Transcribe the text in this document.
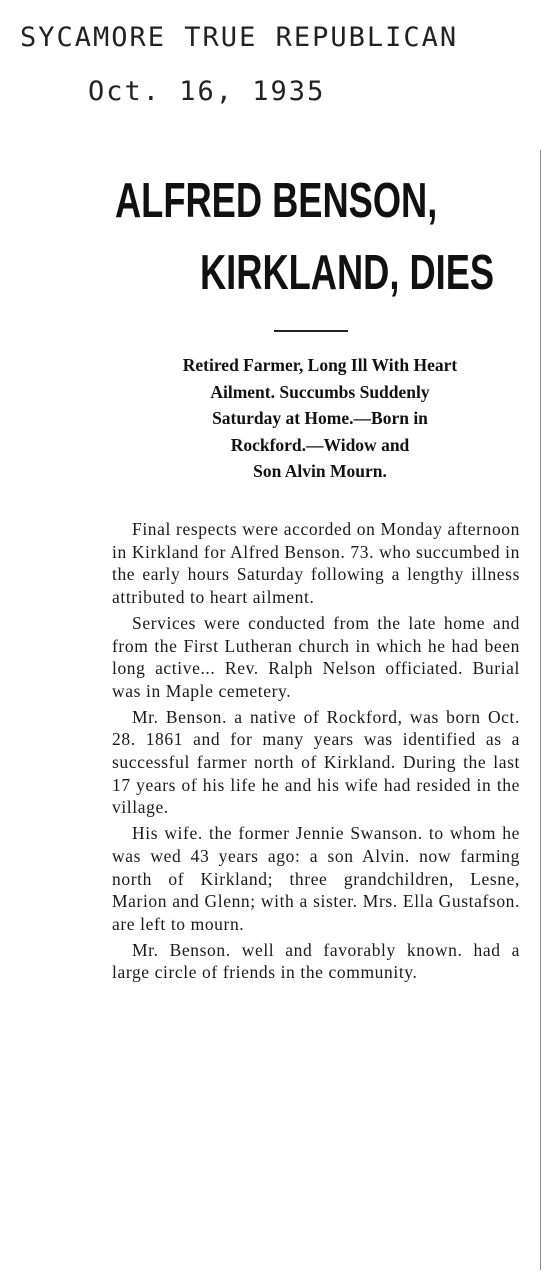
SYCAMORE TRUE REPUBLICAN
Oct. 16, 1935
ALFRED BENSON,
KIRKLAND, DIES
Retired Farmer, Long Ill With Heart
Ailment. Succumbs Suddenly
Saturday at Home.—Born in
Rockford.—Widow and
Son Alvin Mourn.

Final respects were accorded on Monday afternoon in Kirkland for Alfred Benson. 73. who succumbed in the early hours Saturday following a lengthy illness attributed to heart ailment.

Services were conducted from the late home and from the First Lutheran church in which he had been long active... Rev. Ralph Nelson officiated. Burial was in Maple cemetery.

Mr. Benson. a native of Rockford, was born Oct. 28. 1861 and for many years was identified as a successful farmer north of Kirkland. During the last 17 years of his life he and his wife had resided in the village.

His wife. the former Jennie Swanson. to whom he was wed 43 years ago: a son Alvin. now farming north of Kirkland; three grandchildren, Lesne, Marion and Glenn; with a sister. Mrs. Ella Gustafson. are left to mourn.

Mr. Benson. well and favorably known. had a large circle of friends in the community.
